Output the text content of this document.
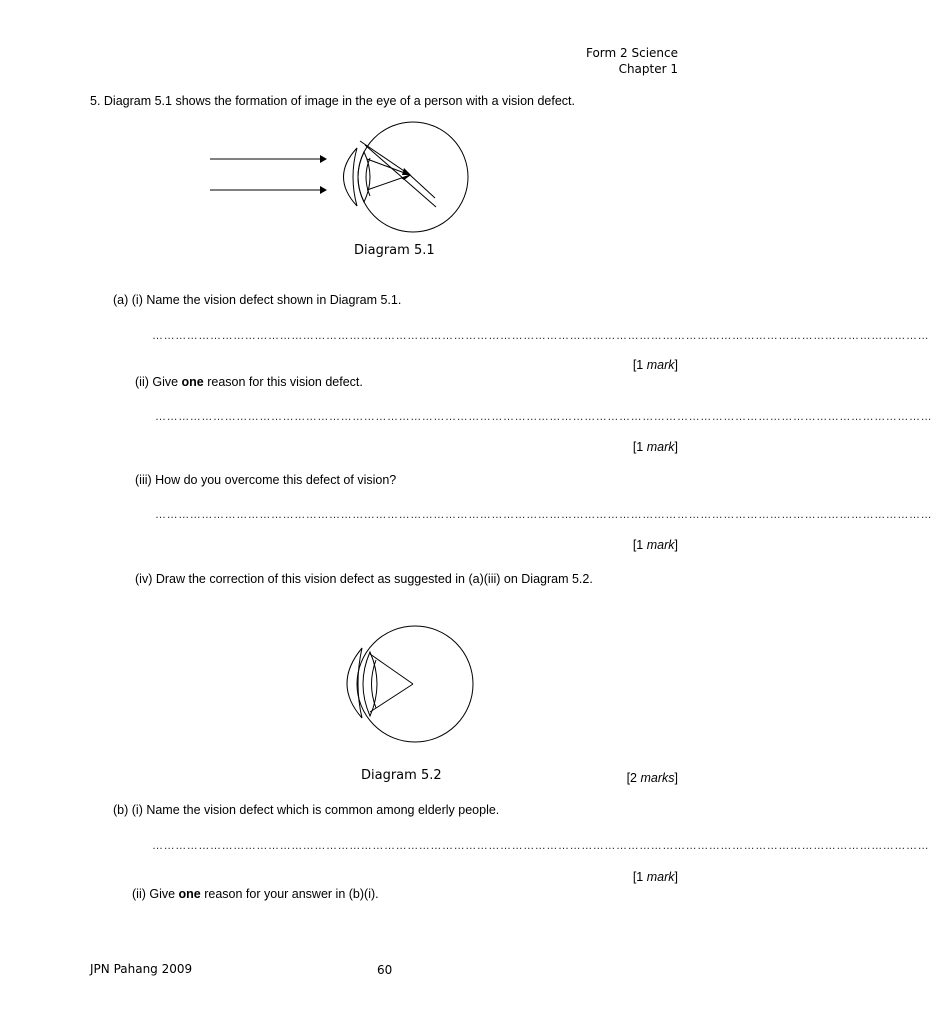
Form 2 Science
Chapter 1
5. Diagram 5.1 shows the formation of image in the eye of a person with a vision defect.
Diagram 5.1
(a) (i) Name the vision defect shown in Diagram 5.1.
…………………………………………………………………………………………………………………………………………………………………………………
[1 mark]
(ii) Give one reason for this vision defect.
…………………………………………………………………………………………………………………………………………………………………………………
[1 mark]
(iii) How do you overcome this defect of vision?
…………………………………………………………………………………………………………………………………………………………………………………
[1 mark]
(iv) Draw the correction of this vision defect as suggested in (a)(iii) on Diagram 5.2.
Diagram 5.2	[2 marks]
(b) (i) Name the vision defect which is common among elderly people.
…………………………………………………………………………………………………………………………………………………………………………………
[1 mark]
(ii) Give one reason for your answer in (b)(i).
JPN Pahang 2009	60
